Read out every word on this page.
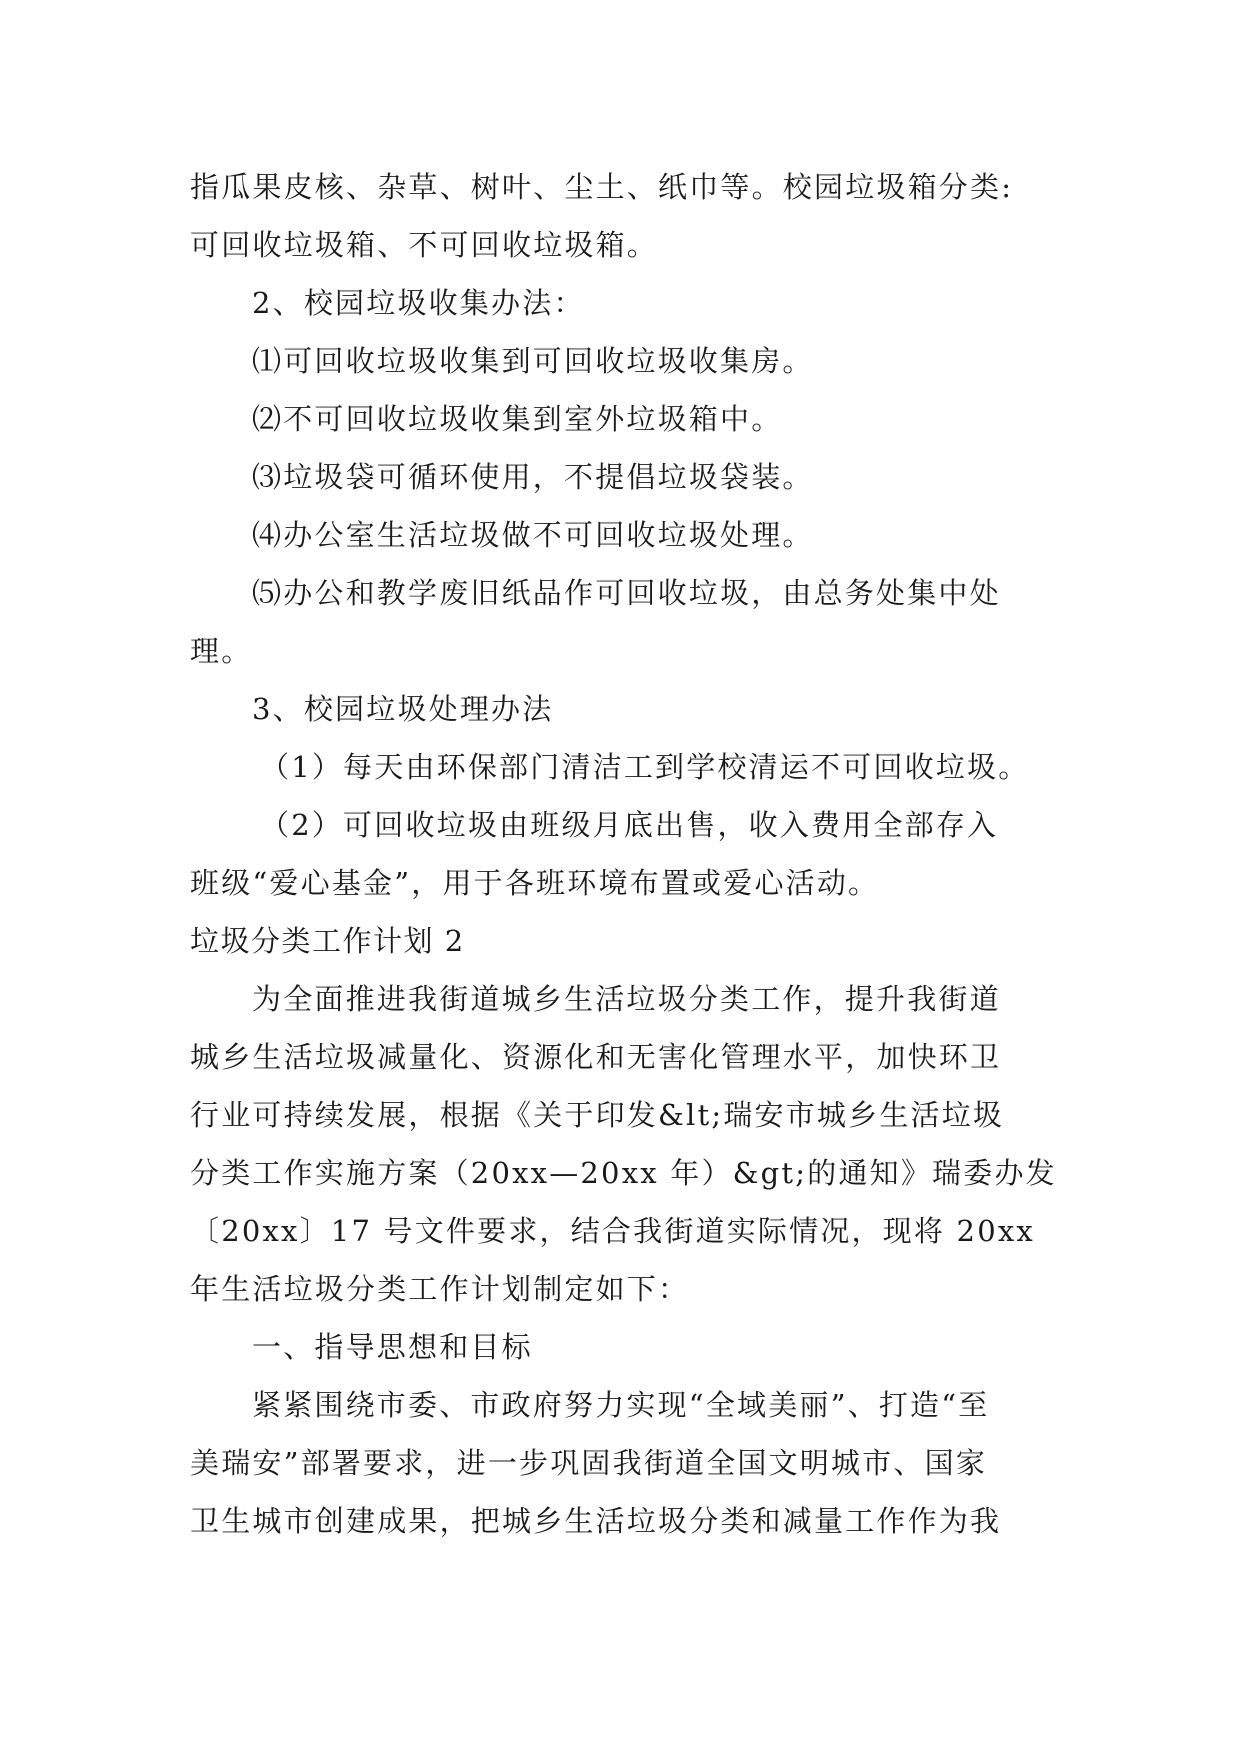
指瓜果皮核、杂草、树叶、尘土、纸巾等。校园垃圾箱分类:
可回收垃圾箱、不可回收垃圾箱。
2、校园垃圾收集办法：
⑴可回收垃圾收集到可回收垃圾收集房。
⑵不可回收垃圾收集到室外垃圾箱中。
⑶垃圾袋可循环使用，不提倡垃圾袋装。
⑷办公室生活垃圾做不可回收垃圾处理。
⑸办公和教学废旧纸品作可回收垃圾，由总务处集中处
理。
3、校园垃圾处理办法
（1）每天由环保部门清洁工到学校清运不可回收垃圾。
（2）可回收垃圾由班级月底出售，收入费用全部存入
班级“爱心基金”，用于各班环境布置或爱心活动。
垃圾分类工作计划 2
为全面推进我街道城乡生活垃圾分类工作，提升我街道
城乡生活垃圾减量化、资源化和无害化管理水平，加快环卫
行业可持续发展，根据《关于印发&lt;瑞安市城乡生活垃圾
分类工作实施方案（20xx—20xx 年）&gt;的通知》瑞委办发
〔20xx〕17 号文件要求，结合我街道实际情况，现将 20xx
年生活垃圾分类工作计划制定如下：
一、指导思想和目标
紧紧围绕市委、市政府努力实现“全域美丽”、打造“至
美瑞安”部署要求，进一步巩固我街道全国文明城市、国家
卫生城市创建成果，把城乡生活垃圾分类和减量工作作为我
